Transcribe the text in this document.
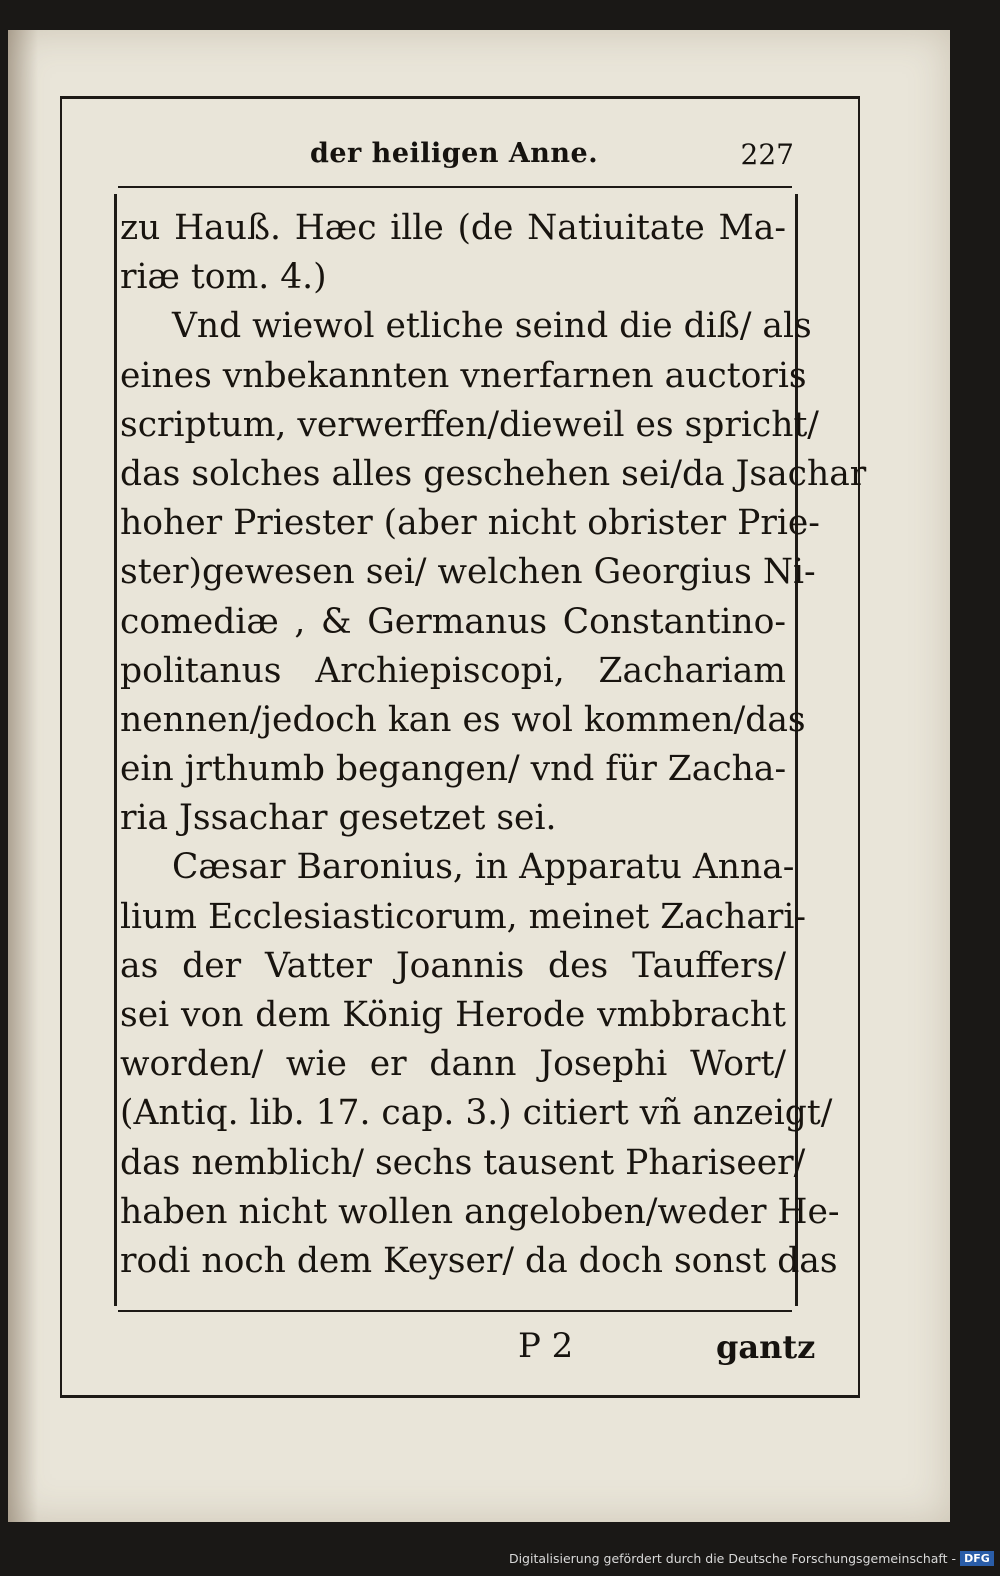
der heiligen Anne.	227
zu Hauß. Hæc ille (de Natiuitate Ma-
riæ tom. 4.)
Vnd wiewol etliche seind die diß/ als
eines vnbekannten vnerfarnen auctoris
scriptum, verwerffen/dieweil es spricht/
das solches alles geschehen sei/da Jsachar
hoher Priester (aber nicht obrister Prie-
ster)gewesen sei/ welchen Georgius Ni-
comediæ , & Germanus Constantino-
politanus Archiepiscopi, Zachariam
nennen/jedoch kan es wol kommen/das
ein jrthumb begangen/ vnd für Zacha-
ria Jssachar gesetzet sei.
Cæsar Baronius, in Apparatu Anna-
lium Ecclesiasticorum, meinet Zachari-
as der Vatter Joannis des Tauffers/
sei von dem König Herode vmbbracht
worden/ wie er dann Josephi Wort/
(Antiq. lib. 17. cap. 3.) citiert vñ anzeigt/
das nemblich/ sechs tausent Phariseer/
haben nicht wollen angeloben/weder He-
rodi noch dem Keyser/ da doch sonst das
P 2	gantz
Digitalisierung gefördert durch die Deutsche Forschungsgemeinschaft - DFG
